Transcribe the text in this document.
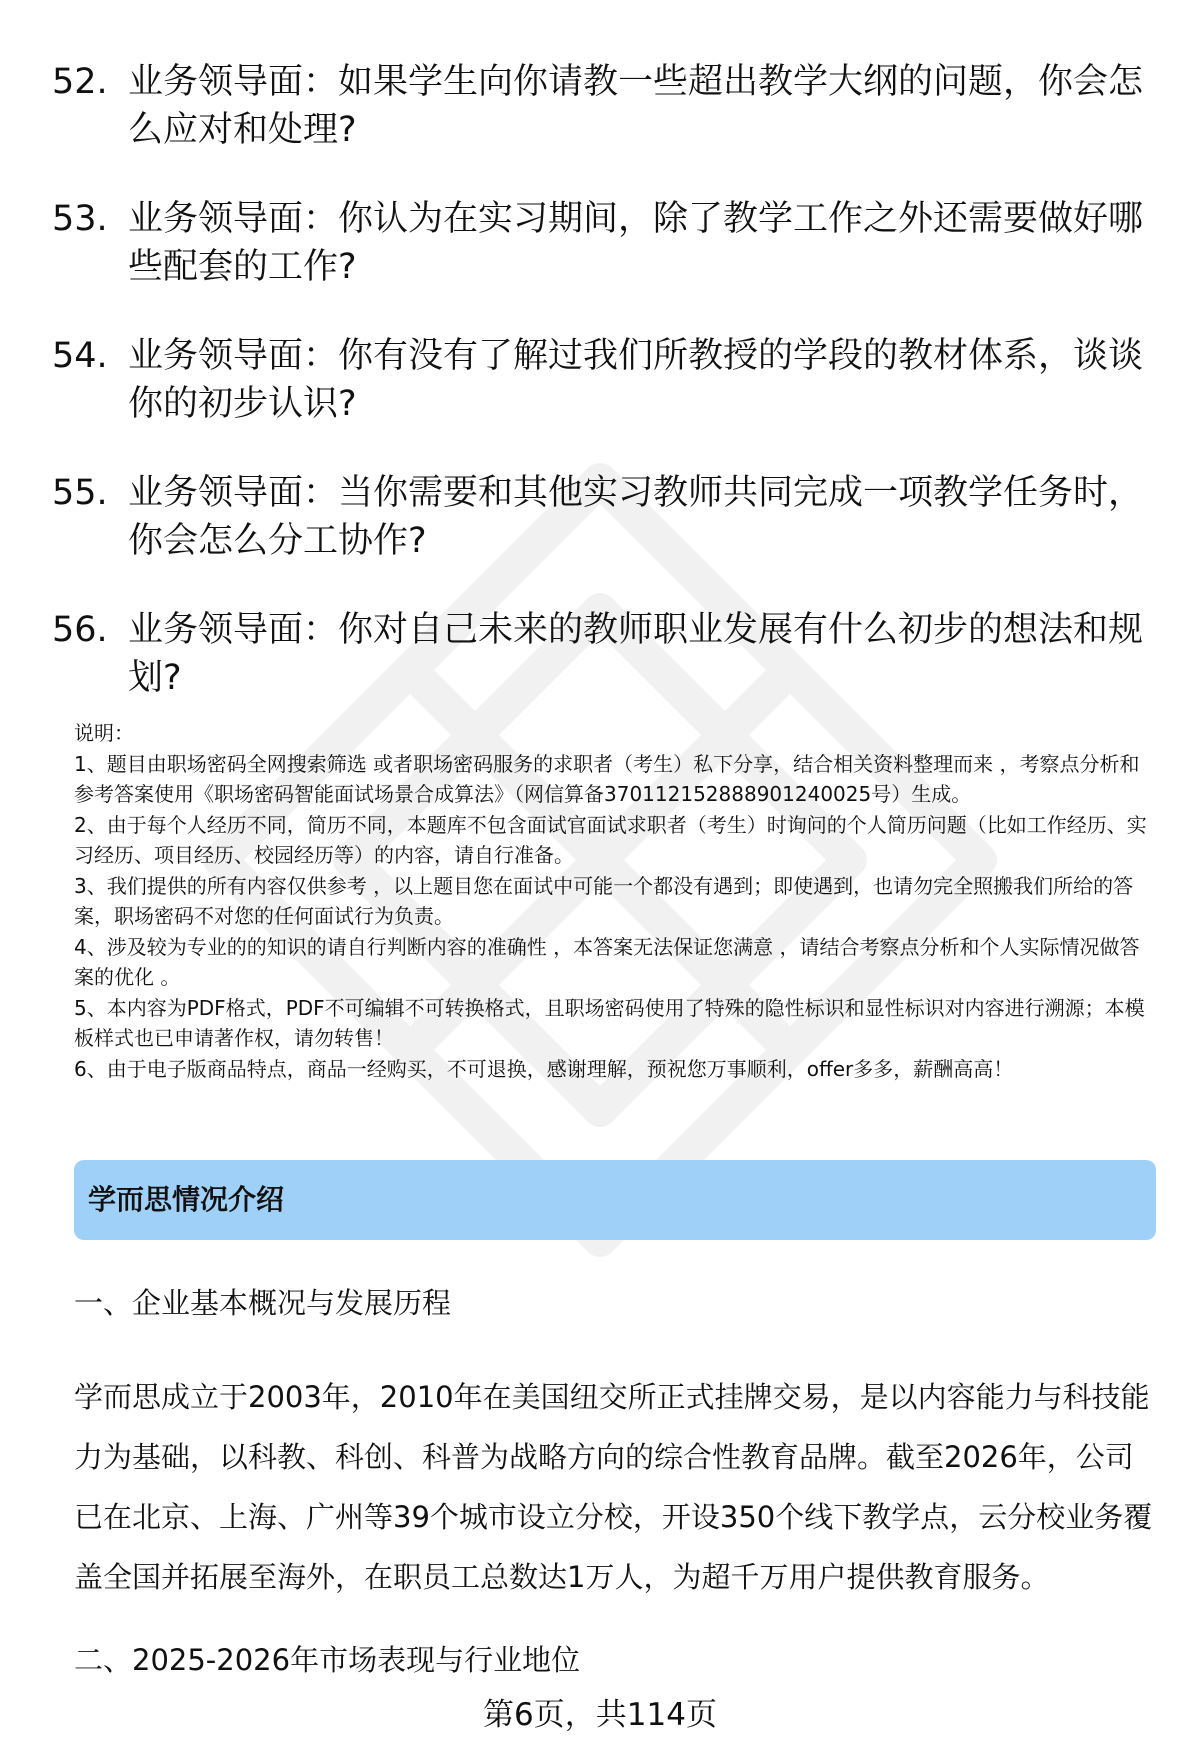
52. 业务领导面：如果学生向你请教一些超出教学大纲的问题，你会怎么应对和处理?
53. 业务领导面：你认为在实习期间，除了教学工作之外还需要做好哪些配套的工作?
54. 业务领导面：你有没有了解过我们所教授的学段的教材体系，谈谈你的初步认识?
55. 业务领导面：当你需要和其他实习教师共同完成一项教学任务时，你会怎么分工协作?
56. 业务领导面：你对自己未来的教师职业发展有什么初步的想法和规划?

说明：

1、题目由职场密码全网搜索筛选 或者职场密码服务的求职者（考生）私下分享，结合相关资料整理而来 ，考察点分析和参考答案使用《职场密码智能面试场景合成算法》（网信算备370112152888901240025号）生成。

2、由于每个人经历不同，简历不同，本题库不包含面试官面试求职者（考生）时询问的个人简历问题（比如工作经历、实习经历、项目经历、校园经历等）的内容，请自行准备。

3、我们提供的所有内容仅供参考 ，以上题目您在面试中可能一个都没有遇到；即使遇到，也请勿完全照搬我们所给的答案，职场密码不对您的任何面试行为负责。

4、涉及较为专业的的知识的请自行判断内容的准确性 ，本答案无法保证您满意 ，请结合考察点分析和个人实际情况做答案的优化 。

5、本内容为PDF格式，PDF不可编辑不可转换格式，且职场密码使用了特殊的隐性标识和显性标识对内容进行溯源；本模板样式也已申请著作权，请勿转售！

6、由于电子版商品特点，商品一经购买，不可退换，感谢理解，预祝您万事顺利，offer多多，薪酬高高！

学而思情况介绍
一、企业基本概况与发展历程

学而思成立于2003年，2010年在美国纽交所正式挂牌交易，是以内容能力与科技能力为基础，以科教、科创、科普为战略方向的综合性教育品牌。截至2026年，公司已在北京、上海、广州等39个城市设立分校，开设350个线下教学点，云分校业务覆盖全国并拓展至海外，在职员工总数达1万人，为超千万用户提供教育服务。

二、2025-2026年市场表现与行业地位
第6页，共114页
